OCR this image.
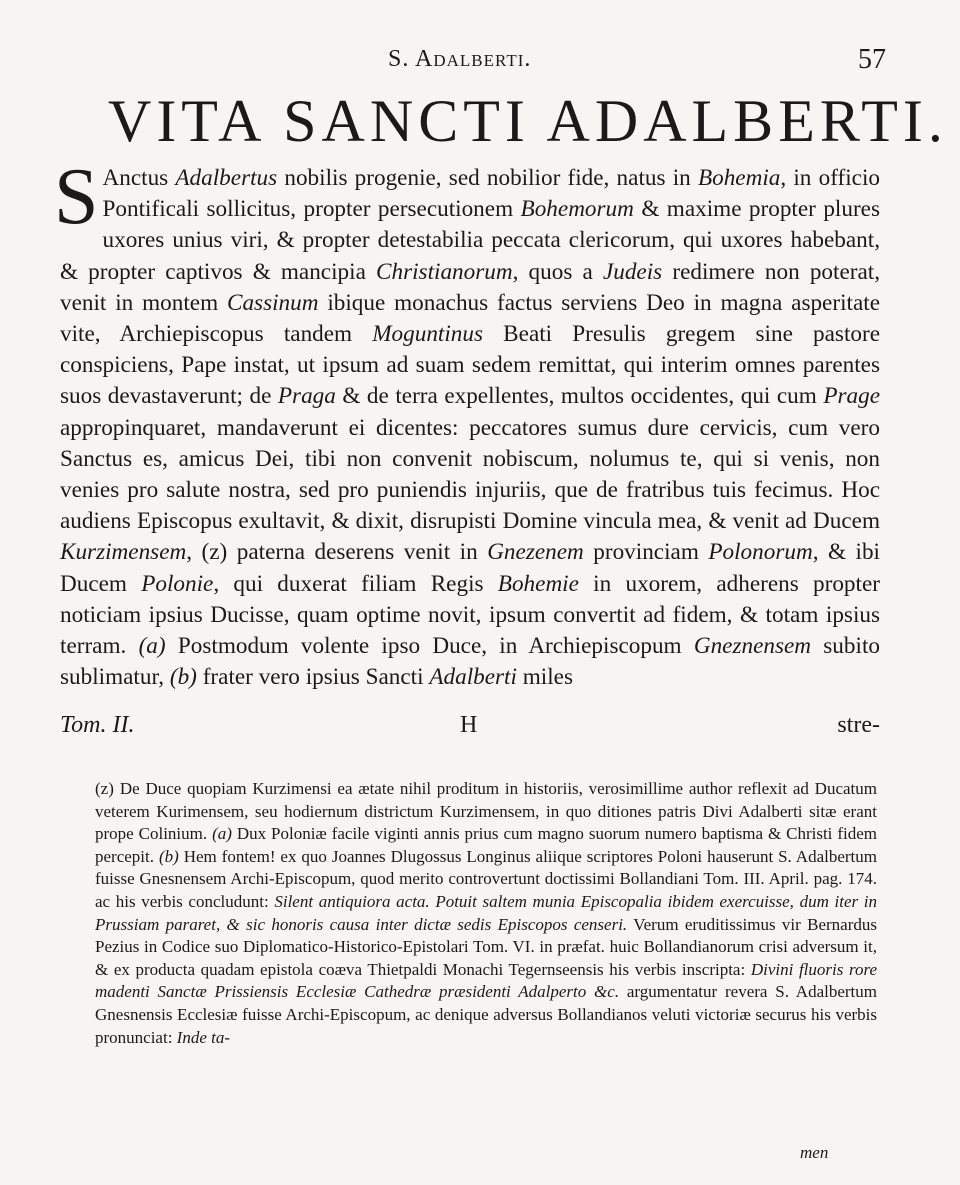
S. Adalberti.	57
VITA SANCTI ADALBERTI.

S Anctus Adalbertus nobilis progenie, sed nobilior fide, natus in Bohemia, in officio Pontificali sollicitus, propter persecutionem Bohemorum & maxime propter plures uxores unius viri, & propter detestabilia peccata clericorum, qui uxores habebant, & propter captivos & mancipia Christianorum, quos a Judeis redimere non poterat, venit in montem Cassinum ibique monachus factus serviens Deo in magna asperitate vite, Archiepiscopus tandem Moguntinus Beati Presulis gregem sine pastore conspiciens, Pape instat, ut ipsum ad suam sedem remittat, qui interim omnes parentes suos devastaverunt; de Praga & de terra expellentes, multos occidentes, qui cum Prage appropinquaret, mandaverunt ei dicentes: peccatores sumus dure cervicis, cum vero Sanctus es, amicus Dei, tibi non convenit nobiscum, nolumus te, qui si venis, non venies pro salute nostra, sed pro puniendis injuriis, que de fratribus tuis fecimus. Hoc audiens Episcopus exultavit, & dixit, disrupisti Domine vincula mea, & venit ad Ducem Kurzimensem, (z) paterna deserens venit in Gnezenem provinciam Polonorum, & ibi Ducem Polonie, qui duxerat filiam Regis Bohemie in uxorem, adherens propter noticiam ipsius Ducisse, quam optime novit, ipsum convertit ad fidem, & totam ipsius terram. (a) Postmodum volente ipso Duce, in Archiepiscopum Gneznensem subito sublimatur, (b) frater vero ipsius Sancti Adalberti miles

Tom. II.	H	stre-

(z) De Duce quopiam Kurzimensi ea ætate nihil proditum in historiis, verosimillime author reflexit ad Ducatum veterem Kurimensem, seu hodiernum districtum Kurzimensem, in quo ditiones patris Divi Adalberti sitæ erant prope Colinium. (a) Dux Poloniæ facile viginti annis prius cum magno suorum numero baptisma & Christi fidem percepit. (b) Hem fontem! ex quo Joannes Dlugossus Longinus aliique scriptores Poloni hauserunt S. Adalbertum fuisse Gnesnensem Archi-Episcopum, quod merito controvertunt doctissimi Bollandiani Tom. III. April. pag. 174. ac his verbis concludunt: Silent antiquiora acta. Potuit saltem munia Episcopalia ibidem exercuisse, dum iter in Prussiam pararet, & sic honoris causa inter dictæ sedis Episcopos censeri. Verum eruditissimus vir Bernardus Pezius in Codice suo Diplomatico-Historico-Epistolari Tom. VI. in præfat. huic Bollandianorum crisi adversum it, & ex producta quadam epistola coæva Thietpaldi Monachi Tegernseensis his verbis inscripta: Divini fluoris rore madenti Sanctæ Prissiensis Ecclesiæ Cathedræ præsidenti Adalperto &c. argumentatur revera S. Adalbertum Gnesnensis Ecclesiæ fuisse Archi-Episcopum, ac denique adversus Bollandianos veluti victoriæ securus his verbis pronunciat: Inde ta-

men
